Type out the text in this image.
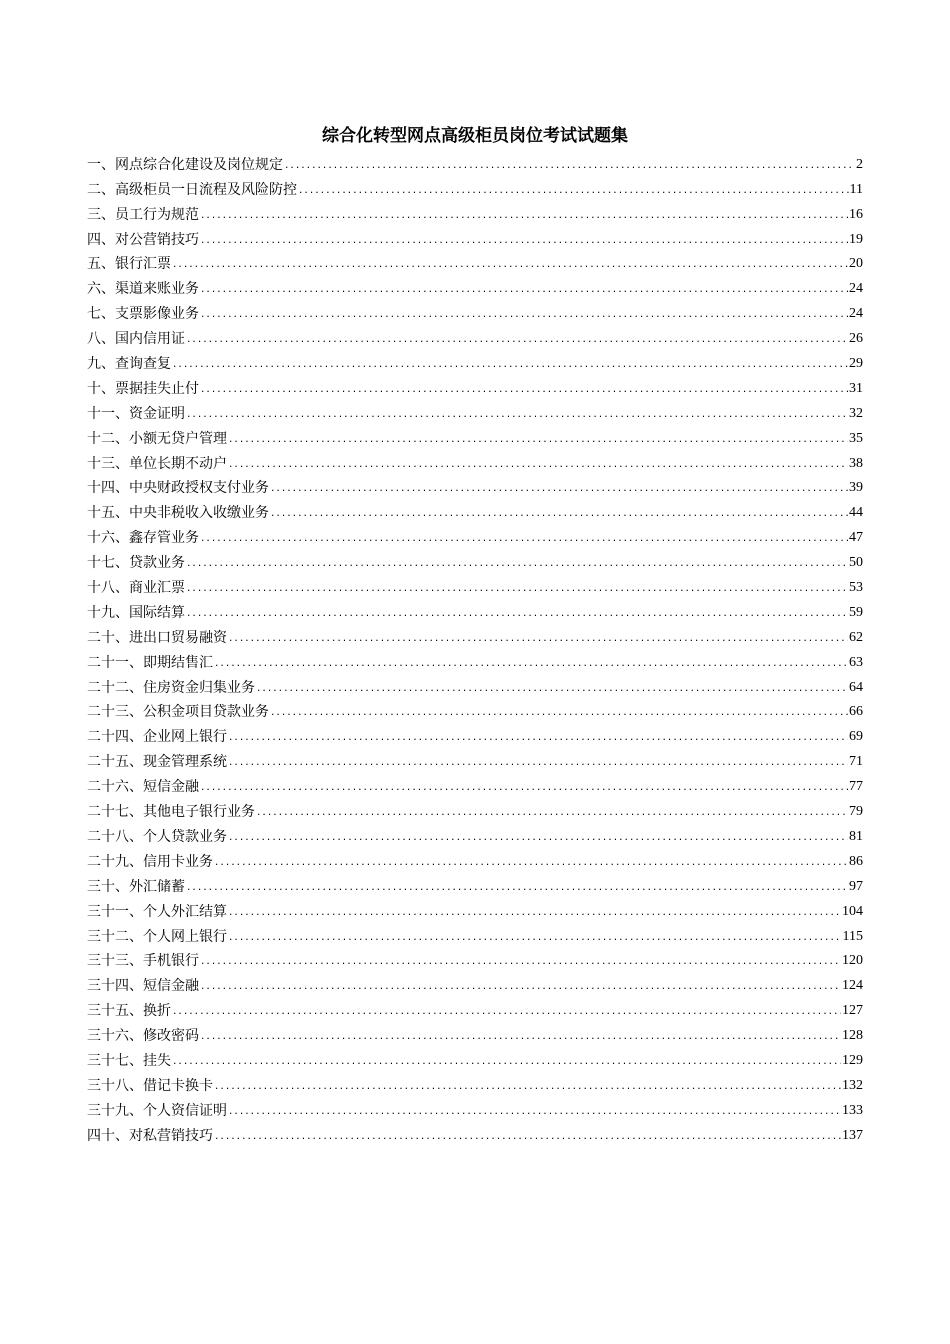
综合化转型网点高级柜员岗位考试试题集
一、网点综合化建设及岗位规定 .....	2
二、高级柜员一日流程及风险防控 .....	11
三、员工行为规范 .....	16
四、对公营销技巧 .....	19
五、银行汇票 .....	20
六、渠道来账业务 .....	24
七、支票影像业务 .....	24
八、国内信用证 .....	26
九、查询查复 .....	29
十、票据挂失止付 .....	31
十一、资金证明 .....	32
十二、小额无贷户管理 .....	35
十三、单位长期不动户 .....	38
十四、中央财政授权支付业务 .....	39
十五、中央非税收入收缴业务 .....	44
十六、鑫存管业务 .....	47
十七、贷款业务 .....	50
十八、商业汇票 .....	53
十九、国际结算 .....	59
二十、进出口贸易融资 .....	62
二十一、即期结售汇 .....	63
二十二、住房资金归集业务 .....	64
二十三、公积金项目贷款业务 .....	66
二十四、企业网上银行 .....	69
二十五、现金管理系统 .....	71
二十六、短信金融 .....	77
二十七、其他电子银行业务 .....	79
二十八、个人贷款业务 .....	81
二十九、信用卡业务 .....	86
三十、外汇储蓄 .....	97
三十一、个人外汇结算 .....	104
三十二、个人网上银行 .....	115
三十三、手机银行 .....	120
三十四、短信金融 .....	124
三十五、换折 .....	127
三十六、修改密码 .....	128
三十七、挂失 .....	129
三十八、借记卡换卡 .....	132
三十九、个人资信证明 .....	133
四十、对私营销技巧 .....	137
